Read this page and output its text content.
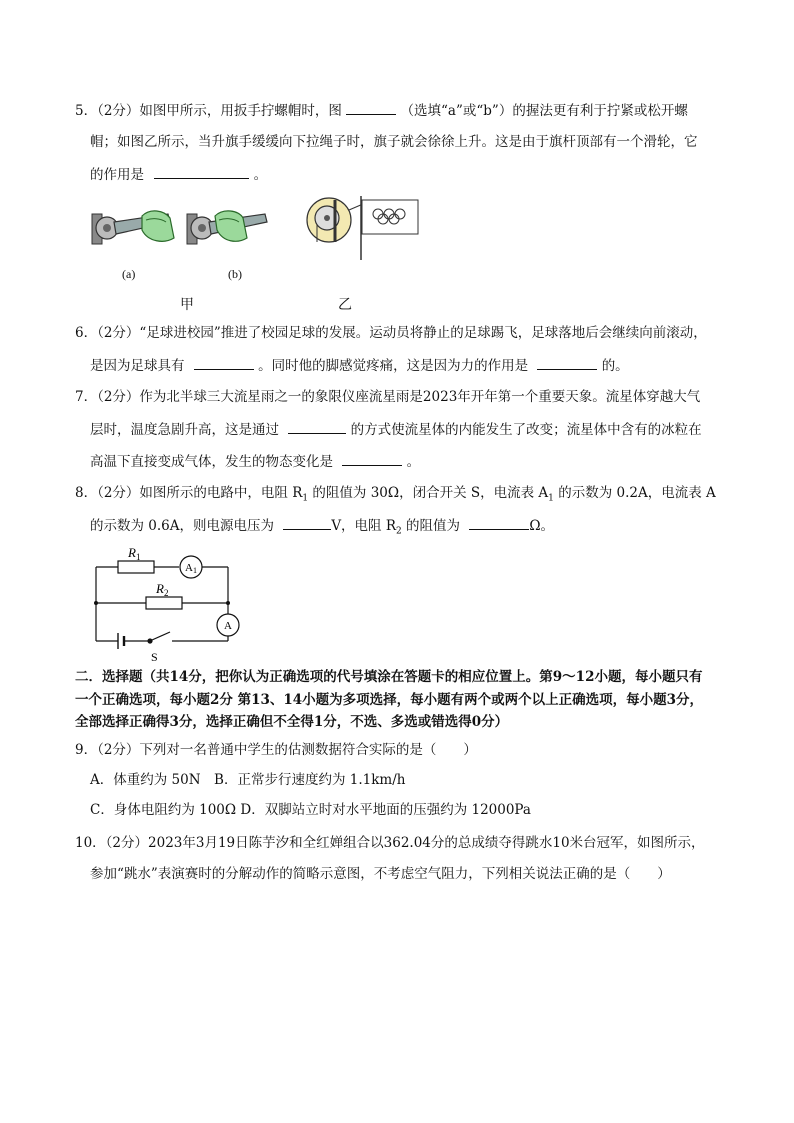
5．（2分）如图甲所示，用扳手拧螺帽时，图	（选填“a”或“b”）的握法更有利于拧紧或松开螺
帽；如图乙所示，当升旗手缓缓向下拉绳子时，旗子就会徐徐上升。这是由于旗杆顶部有一个滑轮，它
的作用是	。
(a)	(b)
甲	乙
6．（2分）“足球进校园”推进了校园足球的发展。运动员将静止的足球踢飞，足球落地后会继续向前滚动，
是因为足球具有	。同时他的脚感觉疼痛，这是因为力的作用是	的。
7．（2分）作为北半球三大流星雨之一的象限仪座流星雨是2023年开年第一个重要天象。流星体穿越大气
层时，温度急剧升高，这是通过	的方式使流星体的内能发生了改变；流星体中含有的冰粒在
高温下直接变成气体，发生的物态变化是	。
8．（2分）如图所示的电路中，电阻 $R_1$ 的阻值为 30Ω，闭合开关 S，电流表 $A_1$ 的示数为 0.2A，电流表 A
的示数为 0.6A，则电源电压为	V，电阻 $R_2$ 的阻值为	Ω。
$R_1$
$R_2$
A1
A
S
二．选择题（共14分，把你认为正确选项的代号填涂在答题卡的相应位置上。第9～12小题，每小题只有
一个正确选项，每小题2分 第13、14小题为多项选择，每小题有两个或两个以上正确选项，每小题3分，
全部选择正确得3分，选择正确但不全得1分，不选、多选或错选得0分）
9．（2分）下列对一名普通中学生的估测数据符合实际的是（　　）
A．体重约为 50N　B．正常步行速度约为 1.1km/h
C．身体电阻约为 100Ω D．双脚站立时对水平地面的压强约为 12000Pa
10．（2分）2023年3月19日陈芋汐和全红婵组合以362.04分的总成绩夺得跳水10米台冠军，如图所示，
参加“跳水”表演赛时的分解动作的简略示意图，不考虑空气阻力，下列相关说法正确的是（　　）
